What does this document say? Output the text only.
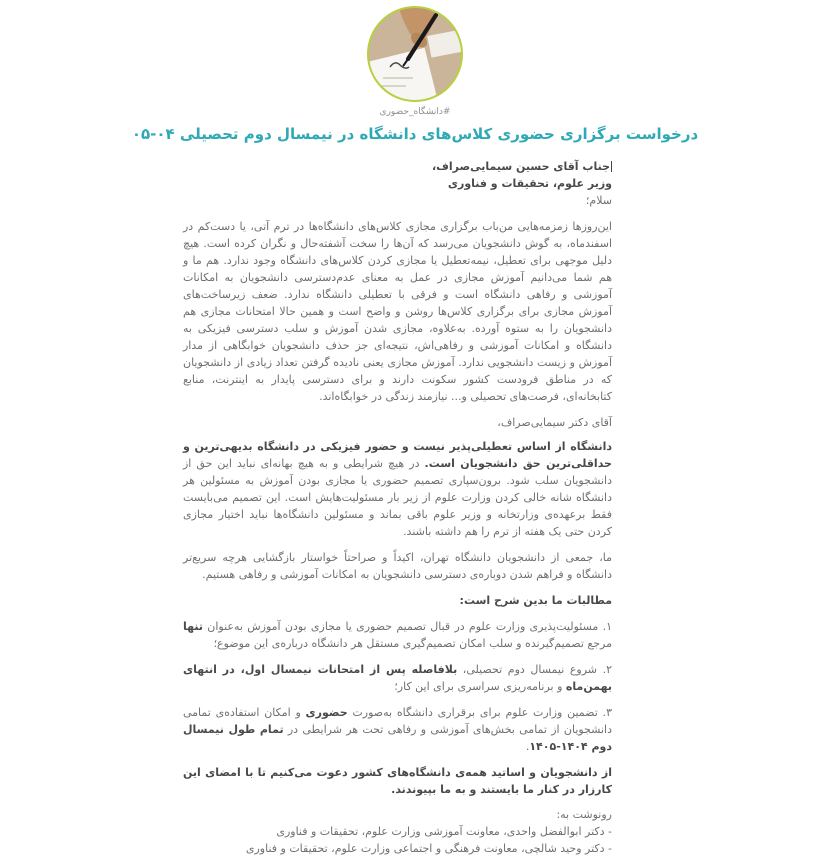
#دانشگاه_حضوری
درخواست برگزاری حضوری کلاس‌های دانشگاه در نیمسال دوم تحصیلی ۰۴-۰۵
جناب آقای حسین سیمایی‌صراف،
وزیر علوم، تحقیقات و فناوری

سلام؛

این‌روزها زمزمه‌هایی من‌باب برگزاری مجازی کلاس‌های دانشگاه‌ها در ترم آتی، یا دست‌کم در اسفندماه، به گوش دانشجویان می‌رسد که آن‌ها را سخت آشفته‌حال و نگران کرده است. هیچ دلیل موجهی برای تعطیل، نیمه‌تعطیل یا مجازی کردن کلاس‌های دانشگاه وجود ندارد. هم ما و هم شما می‌دانیم آموزش مجازی در عمل به معنای عدم‌دسترسی دانشجویان به امکانات آموزشی و رفاهی دانشگاه است و فرقی با تعطیلی دانشگاه ندارد. ضعف زیرساخت‌های آموزش مجازی برای برگزاری کلاس‌ها روشن و واضح است و همین حالا امتحانات مجازی هم دانشجویان را به ستوه آورده. به‌علاوه، مجازی شدن آموزش و سلب دسترسی فیزیکی به دانشگاه و امکانات آموزشی و رفاهی‌اش، نتیجه‌ای جز حذف دانشجویان خوابگاهی از مدار آموزش و زیست دانشجویی ندارد. آموزش مجازی یعنی نادیده گرفتن تعداد زیادی از دانشجویان که در مناطق فرودست کشور سکونت دارند و برای دسترسی پایدار به اینترنت، منابع کتابخانه‌ای، فرصت‌های تحصیلی و... نیازمند زندگی در خوابگاه‌اند.

آقای دکتر سیمایی‌صراف،

دانشگاه از اساس تعطیلی‌پذیر نیست و حضور فیزیکی در دانشگاه بدیهی‌ترین و حداقلی‌ترین حق دانشجویان است. در هیچ شرایطی و به هیچ بهانه‌ای نباید این حق از دانشجویان سلب شود. برون‌سپاری تصمیم حضوری یا مجازی بودن آموزش به مسئولین هر دانشگاه شانه خالی کردن وزارت علوم از زیر بار مسئولیت‌هایش است. این تصمیم می‌بایست فقط برعهده‌ی وزارتخانه و وزیر علوم باقی بماند و مسئولین دانشگاه‌ها نباید اختیار مجازی کردن حتی یک هفته از ترم را هم داشته باشند.

ما، جمعی از دانشجویان دانشگاه تهران، اکیداً و صراحتاً خواستار بازگشایی هرچه سریع‌تر دانشگاه و فراهم شدن دوباره‌ی دسترسی دانشجویان به امکانات آموزشی و رفاهی هستیم.

مطالبات ما بدین شرح است:

۱. مسئولیت‌پذیری وزارت علوم در قبال تصمیم حضوری یا مجازی بودن آموزش به‌عنوان تنها مرجع تصمیم‌گیرنده و سلب امکان تصمیم‌گیری مستقل هر دانشگاه درباره‌ی این موضوع؛

۲. شروع نیمسال دوم تحصیلی، بلافاصله پس از امتحانات نیمسال اول، در انتهای بهمن‌ماه و برنامه‌ریزی سراسری برای این کار؛

۳. تضمین وزارت علوم برای برقراری دانشگاه به‌صورت حضوری و امکان استفاده‌ی تمامی دانشجویان از تمامی بخش‌های آموزشی و رفاهی تحت هر شرایطی در تمام طول نیمسال دوم ۱۴۰۴-۱۴۰۵.

از دانشجویان و اساتید همه‌ی دانشگاه‌های کشور دعوت می‌کنیم تا با امضای این کارزار در کنار ما بایستند و به ما بپیوندند.

رونوشت به:
- دکتر ابوالفضل واحدی، معاونت آموزشی وزارت علوم، تحقیقات و فناوری
- دکتر وحید شالچی، معاونت فرهنگی و اجتماعی وزارت علوم، تحقیقات و فناوری
